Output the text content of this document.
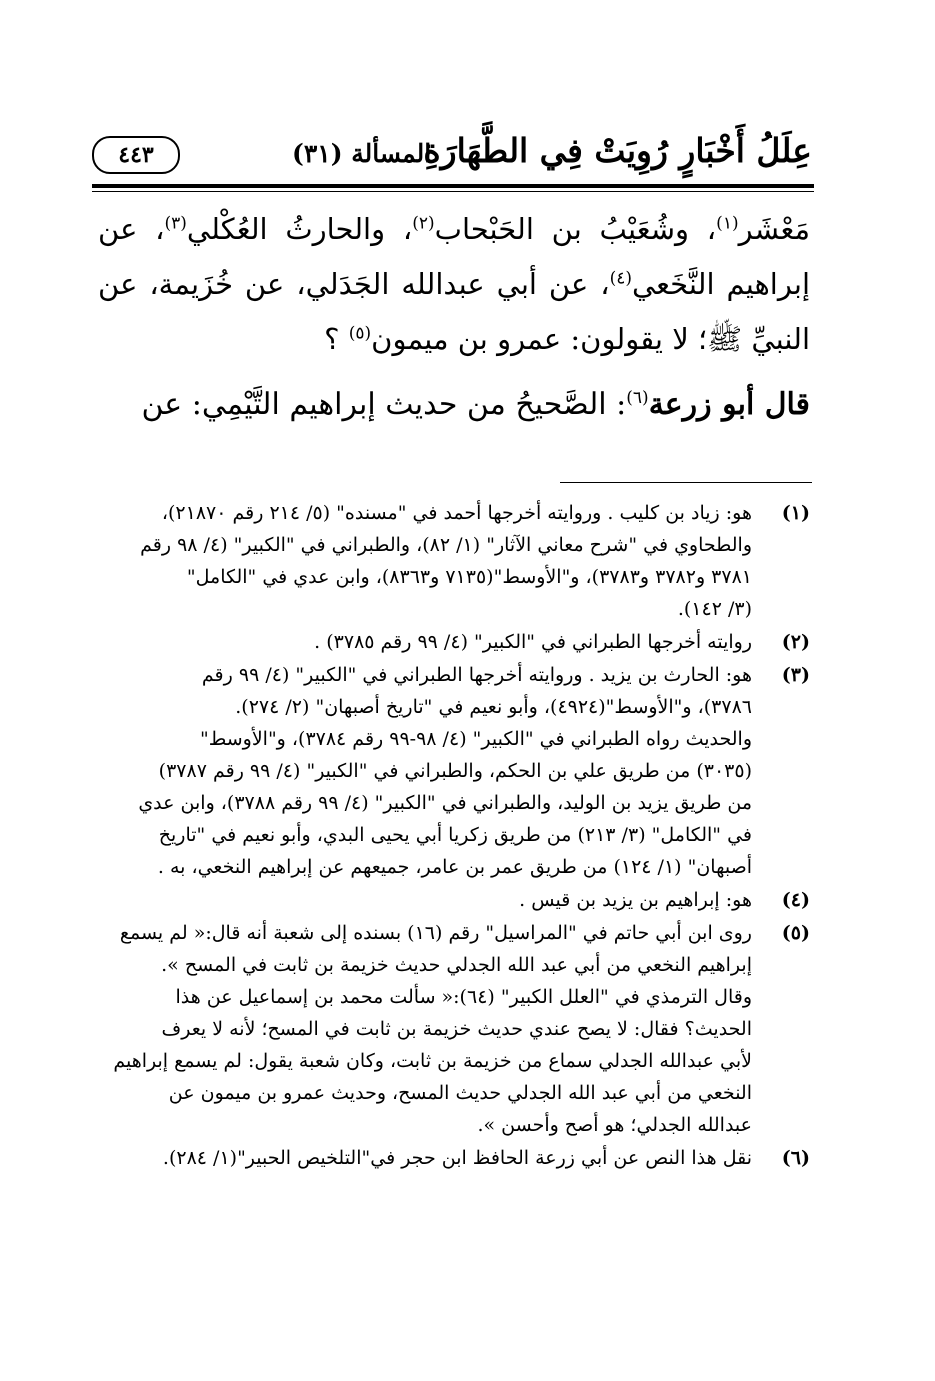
عِلَلُ أَخْبَارٍ رُوِيَتْ فِي الطَّهَارَةِ
المسألة (٣١)
٤٤٣

مَعْشَر$^{(١)}$، وشُعَيْبُ بن الحَبْحاب$^{(٢)}$، والحارثُ العُكْلي$^{(٣)}$، عن إبراهيم النَّخَعي$^{(٤)}$، عن أبي عبدالله الجَدَلي، عن خُزَيمة، عن النبيِّ ﷺ؛ لا يقولون: عمرو بن ميمون$^{(٥)}$ ؟

قال أبو زرعة$^{(٦)}$: الصَّحيحُ من حديث إبراهيم التَّيْمِي: عن

(١)
هو: زياد بن كليب . وروايته أخرجها أحمد في "مسنده" (٥/ ٢١٤ رقم ٢١٨٧٠)،
والطحاوي في "شرح معاني الآثار" (١/ ٨٢)، والطبراني في "الكبير" (٤/ ٩٨ رقم
٣٧٨١ و٣٧٨٢ و٣٧٨٣)، و"الأوسط"(٧١٣٥ و٨٣٦٣)، وابن عدي في "الكامل"
(٣/ ١٤٢).
(٢)
روايته أخرجها الطبراني في "الكبير" (٤/ ٩٩ رقم ٣٧٨٥) .
(٣)
هو: الحارث بن يزيد . وروايته أخرجها الطبراني في "الكبير" (٤/ ٩٩ رقم
٣٧٨٦)، و"الأوسط"(٤٩٢٤)، وأبو نعيم في "تاريخ أصبهان" (٢/ ٢٧٤).
والحديث رواه الطبراني في "الكبير" (٤/ ٩٨-٩٩ رقم ٣٧٨٤)، و"الأوسط"
(٣٠٣٥) من طريق علي بن الحكم، والطبراني في "الكبير" (٤/ ٩٩ رقم ٣٧٨٧)
من طريق يزيد بن الوليد، والطبراني في "الكبير" (٤/ ٩٩ رقم ٣٧٨٨)، وابن عدي
في "الكامل" (٣/ ٢١٣) من طريق زكريا أبي يحيى البدي، وأبو نعيم في "تاريخ
أصبهان" (١/ ١٢٤) من طريق عمر بن عامر، جميعهم عن إبراهيم النخعي، به .
(٤)
هو: إبراهيم بن يزيد بن قيس .
(٥)
روى ابن أبي حاتم في "المراسيل" رقم (١٦) بسنده إلى شعبة أنه قال:« لم يسمع
إبراهيم النخعي من أبي عبد الله الجدلي حديث خزيمة بن ثابت في المسح ».
وقال الترمذي في "العلل الكبير" (٦٤):« سألت محمد بن إسماعيل عن هذا
الحديث؟ فقال: لا يصح عندي حديث خزيمة بن ثابت في المسح؛ لأنه لا يعرف
لأبي عبدالله الجدلي سماع من خزيمة بن ثابت، وكان شعبة يقول: لم يسمع إبراهيم
النخعي من أبي عبد الله الجدلي حديث المسح، وحديث عمرو بن ميمون عن
عبدالله الجدلي؛ هو أصح وأحسن ».
(٦)
نقل هذا النص عن أبي زرعة الحافظ ابن حجر في"التلخيص الحبير"(١/ ٢٨٤).
